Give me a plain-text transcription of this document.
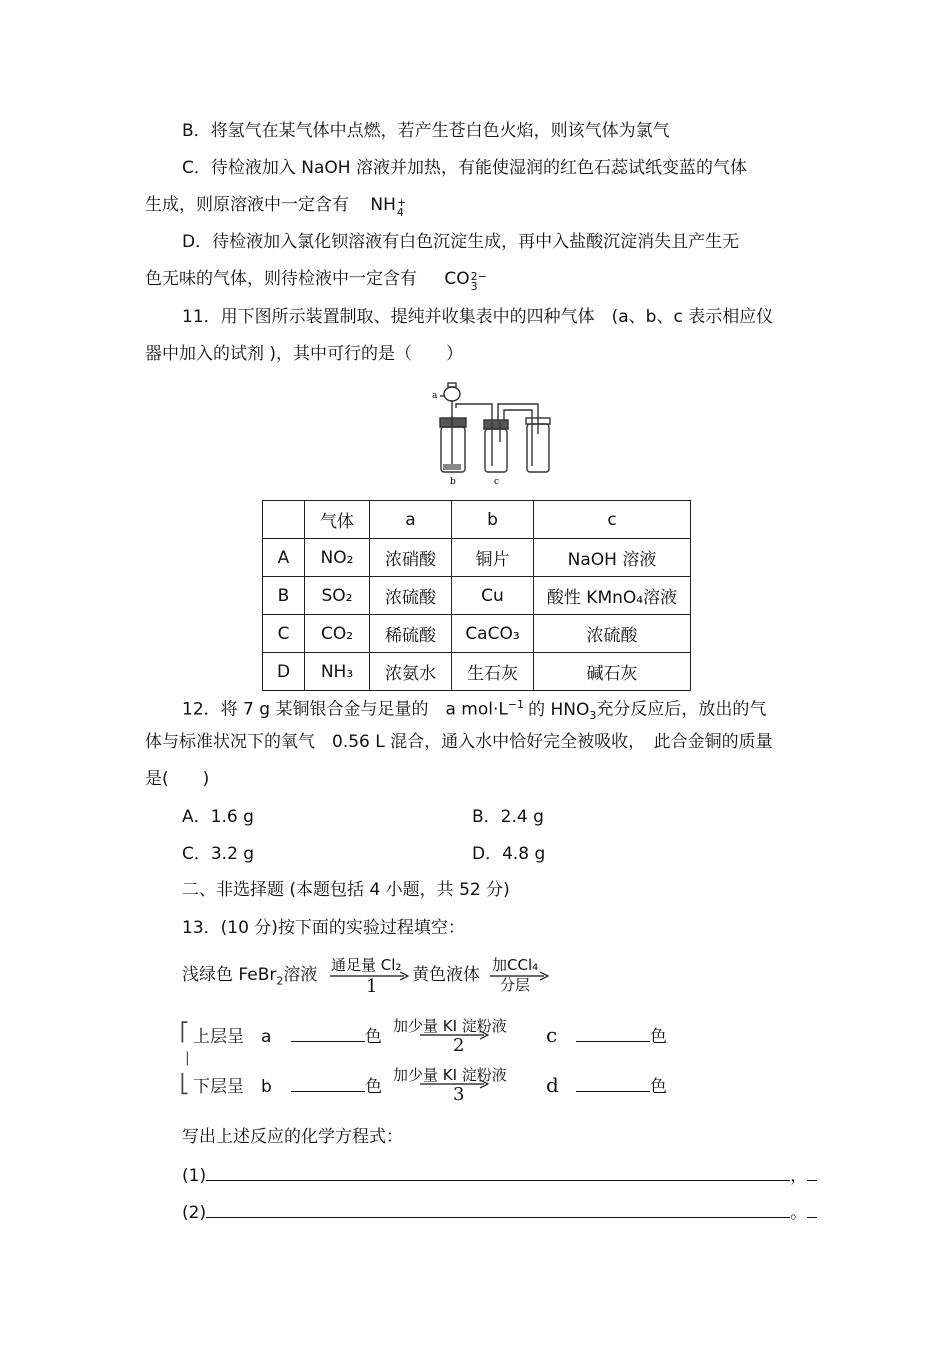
B．将氢气在某气体中点燃，若产生苍白色火焰，则该气体为氯气
C．待检液加入 NaOH 溶液并加热，有能使湿润的红色石蕊试纸变蓝的气体
生成，则原溶液中一定含有 NH +
4
D．待检液加入氯化钡溶液有白色沉淀生成，再中入盐酸沉淀消失且产生无
色无味的气体，则待检液中一定含有 CO 2−
3
11．用下图所示装置制取、提纯并收集表中的四种气体　(a、b、c 表示相应仪
器中加入的试剂 )，其中可行的是（　　）
a
b	c
	气体	a	b	c
A	NO₂	浓硝酸	铜片	NaOH 溶液
B	SO₂	浓硫酸	Cu	酸性 KMnO₄溶液
C	CO₂	稀硫酸	CaCO₃	浓硫酸
D	NH₃	浓氨水	生石灰	碱石灰
12．将 7 g 某铜银合金与足量的　a $mol\cdot L^{-1}$ 的 $HNO_3$充分反应后，放出的气
体与标准状况下的氧气　0.56 L 混合，通入水中恰好完全被吸收，　此合金铜的质量
是(　　)
A．1.6 g	B．2.4 g
C．3.2 g	D．4.8 g
二、非选择题 (本题包括 4 小题，共 52 分)
13．(10 分)按下面的实验过程填空：
浅绿色 FeBr$_2$溶液 通足量 Cl₂
1
黄色液体 加CCl₄
分层
⎡
|
⎣
上层呈　a	色
加少量 KI 淀粉液
2	c	色
下层呈　b	色
加少量 KI 淀粉液
3	d	色
写出上述反应的化学方程式：
(1)	，
(2)	。
